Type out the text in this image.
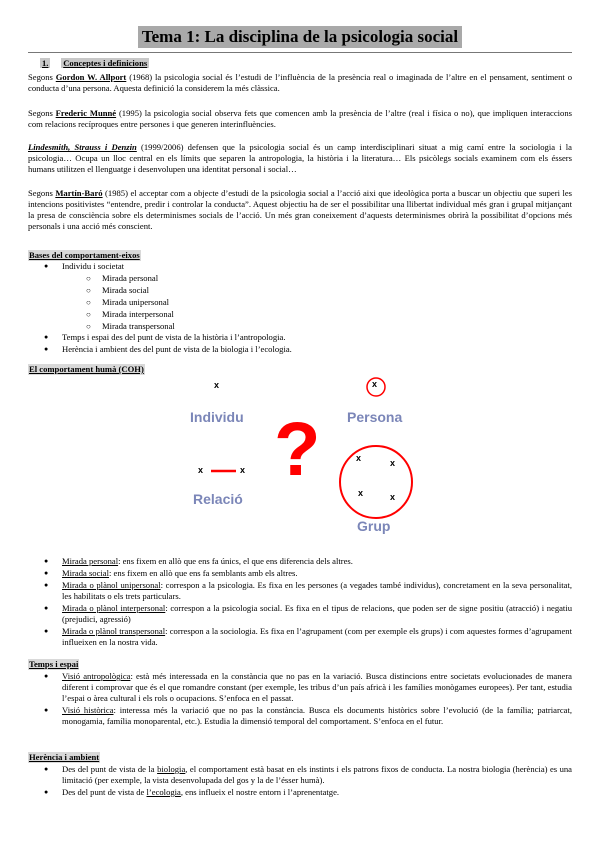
Tema 1: La disciplina de la psicologia social
1. Conceptes i definicions
Segons Gordon W. Allport (1968) la psicologia social és l’estudi de l’influència de la presència real o imaginada de l’altre en el pensament, sentiment o conducta d’una persona. Aquesta definició la considerem la més clàssica.
Segons Frederic Munné (1995) la psicologia social observa fets que comencen amb la presència de l’altre (real i física o no), que impliquen interaccions com relacions recíproques entre persones i que generen interinfluències.
Lindesmith, Strauss i Denzin (1999/2006) defensen que la psicologia social és un camp interdisciplinari situat a mig camí entre la sociologia i la psicologia… Ocupa un lloc central en els límits que separen la antropologia, la història i la literatura… Els psicòlegs socials examinem com els éssers humans utilitzen el llenguatge i desenvolupen una identitat personal i social…
Segons Martín-Baró (1985) el acceptar com a objecte d’estudi de la psicologia social a l’acció aixi que ideològica porta a buscar un objectiu que superi les intencions positivistes “entendre, predir i controlar la conducta”. Aquest objectiu ha de ser el possibilitar una llibertat individual més gran i grupal mitjançant la presa de consciència sobre els determinismes socials de l’acció. Un més gran coneixement d’aquests determinismes obrirà la possibilitat d’opcions més personals i una acció més conscient.
Bases del comportament-eixos
● Individu i societat
○ Mirada personal
○ Mirada social
○ Mirada unipersonal
○ Mirada interpersonal
○ Mirada transpersonal
● Temps i espai des del punt de vista de la història i l’antropologia.
● Herència i ambient des del punt de vista de la biologia i l’ecologia.
El comportament humà (COH)
x	x
Individu	Persona
?
x	x
x	x
x	x
Relació
Grup
● Mirada personal: ens fixem en allò que ens fa únics, el que ens diferencia dels altres.
● Mirada social: ens fixem en allò que ens fa semblants amb els altres.
● Mirada o plànol unipersonal: correspon a la psicologia. Es fixa en les persones (a vegades també individus), concretament en la seva personalitat, les habilitats o els trets particulars.
● Mirada o plànol interpersonal: correspon a la psicologia social. Es fixa en el tipus de relacions, que poden ser de signe positiu (atracció) i negatiu (prejudici, agressió)
● Mirada o plànol transpersonal: correspon a la sociologia. Es fixa en l’agrupament (com per exemple els grups) i com aquestes formes d’agrupament influeixen en la nostra vida.
Temps i espai
● Visió antropològica: està més interessada en la constància que no pas en la variació. Busca distincions entre societats evolucionades de manera diferent i comprovar que és el que romandre constant (per exemple, les tribus d’un país africà i les famílies monògames europees). Per tant, estudia l’espai o àrea cultural i els rols o ocupacions. S’enfoca en el passat.
● Visió històrica: interessa més la variació que no pas la constància. Busca els documents històrics sobre l’evolució (de la família; patriarcat, monogamia, família monoparental, etc.). Estudia la dimensió temporal del comportament. S’enfoca en el futur.
Herència i ambient
● Des del punt de vista de la biologia, el comportament està basat en els instints i els patrons fixos de conducta. La nostra biologia (herència) es una limitació (per exemple, la vista desenvolupada del gos y la de l’ésser humà).
● Des del punt de vista de l’ecologia, ens influeix el nostre entorn i l’aprenentatge.
